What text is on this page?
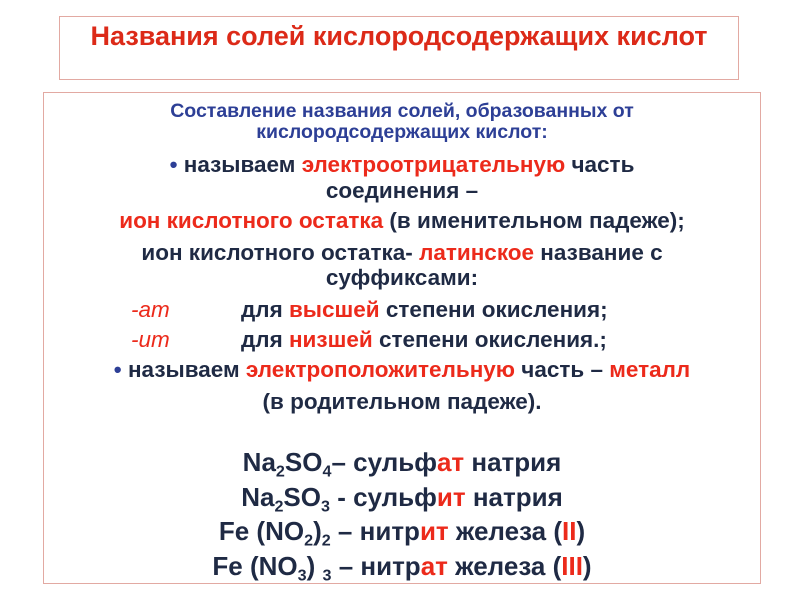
Названия солей кислородсодержащих кислот
Составление названия солей, образованных от
кислородсодержащих кислот:
• называем электроотрицательную часть
соединения –
ион кислотного остатка (в именительном падеже);
ион кислотного остатка- латинское название с
суффиксами:
-ат	для высшей степени окисления;
-ит	для низшей степени окисления.;
• называем электроположительную часть – металл
(в родительном падеже).
$Na_2SO_4-$ сульфат натрия
$Na_2SO_3$ - сульфит натрия
Fe $(NO_2)_2$ – нитрит железа (II)
Fe $(NO_3)$ $_3$ – нитрат железа (III)
